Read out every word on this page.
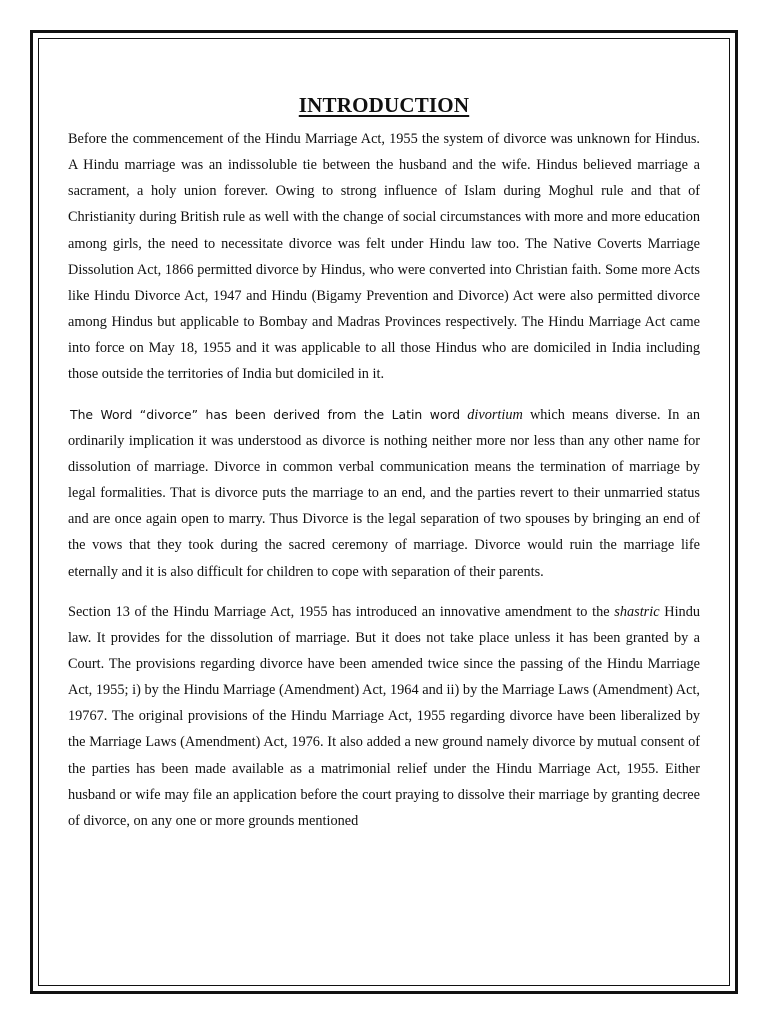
INTRODUCTION

Before the commencement of the Hindu Marriage Act, 1955 the system of divorce was unknown for Hindus. A Hindu marriage was an indissoluble tie between the husband and the wife. Hindus believed marriage a sacrament, a holy union forever. Owing to strong influence of Islam during Moghul rule and that of Christianity during British rule as well with the change of social circumstances with more and more education among girls, the need to necessitate divorce was felt under Hindu law too. The Native Coverts Marriage Dissolution Act, 1866 permitted divorce by Hindus, who were converted into Christian faith. Some more Acts like Hindu Divorce Act, 1947 and Hindu (Bigamy Prevention and Divorce) Act were also permitted divorce among Hindus but applicable to Bombay and Madras Provinces respectively. The Hindu Marriage Act came into force on May 18, 1955 and it was applicable to all those Hindus who are domiciled in India including those outside the territories of India but domiciled in it.

The Word “divorce” has been derived from the Latin word divortium which means diverse. In an ordinarily implication it was understood as divorce is nothing neither more nor less than any other name for dissolution of marriage. Divorce in common verbal communication means the termination of marriage by legal formalities. That is divorce puts the marriage to an end, and the parties revert to their unmarried status and are once again open to marry. Thus Divorce is the legal separation of two spouses by bringing an end of the vows that they took during the sacred ceremony of marriage. Divorce would ruin the marriage life eternally and it is also difficult for children to cope with separation of their parents.

Section 13 of the Hindu Marriage Act, 1955 has introduced an innovative amendment to the shastric Hindu law. It provides for the dissolution of marriage. But it does not take place unless it has been granted by a Court. The provisions regarding divorce have been amended twice since the passing of the Hindu Marriage Act, 1955; i) by the Hindu Marriage (Amendment) Act, 1964 and ii) by the Marriage Laws (Amendment) Act, 19767. The original provisions of the Hindu Marriage Act, 1955 regarding divorce have been liberalized by the Marriage Laws (Amendment) Act, 1976. It also added a new ground namely divorce by mutual consent of the parties has been made available as a matrimonial relief under the Hindu Marriage Act, 1955. Either husband or wife may file an application before the court praying to dissolve their marriage by granting decree of divorce, on any one or more grounds mentioned
